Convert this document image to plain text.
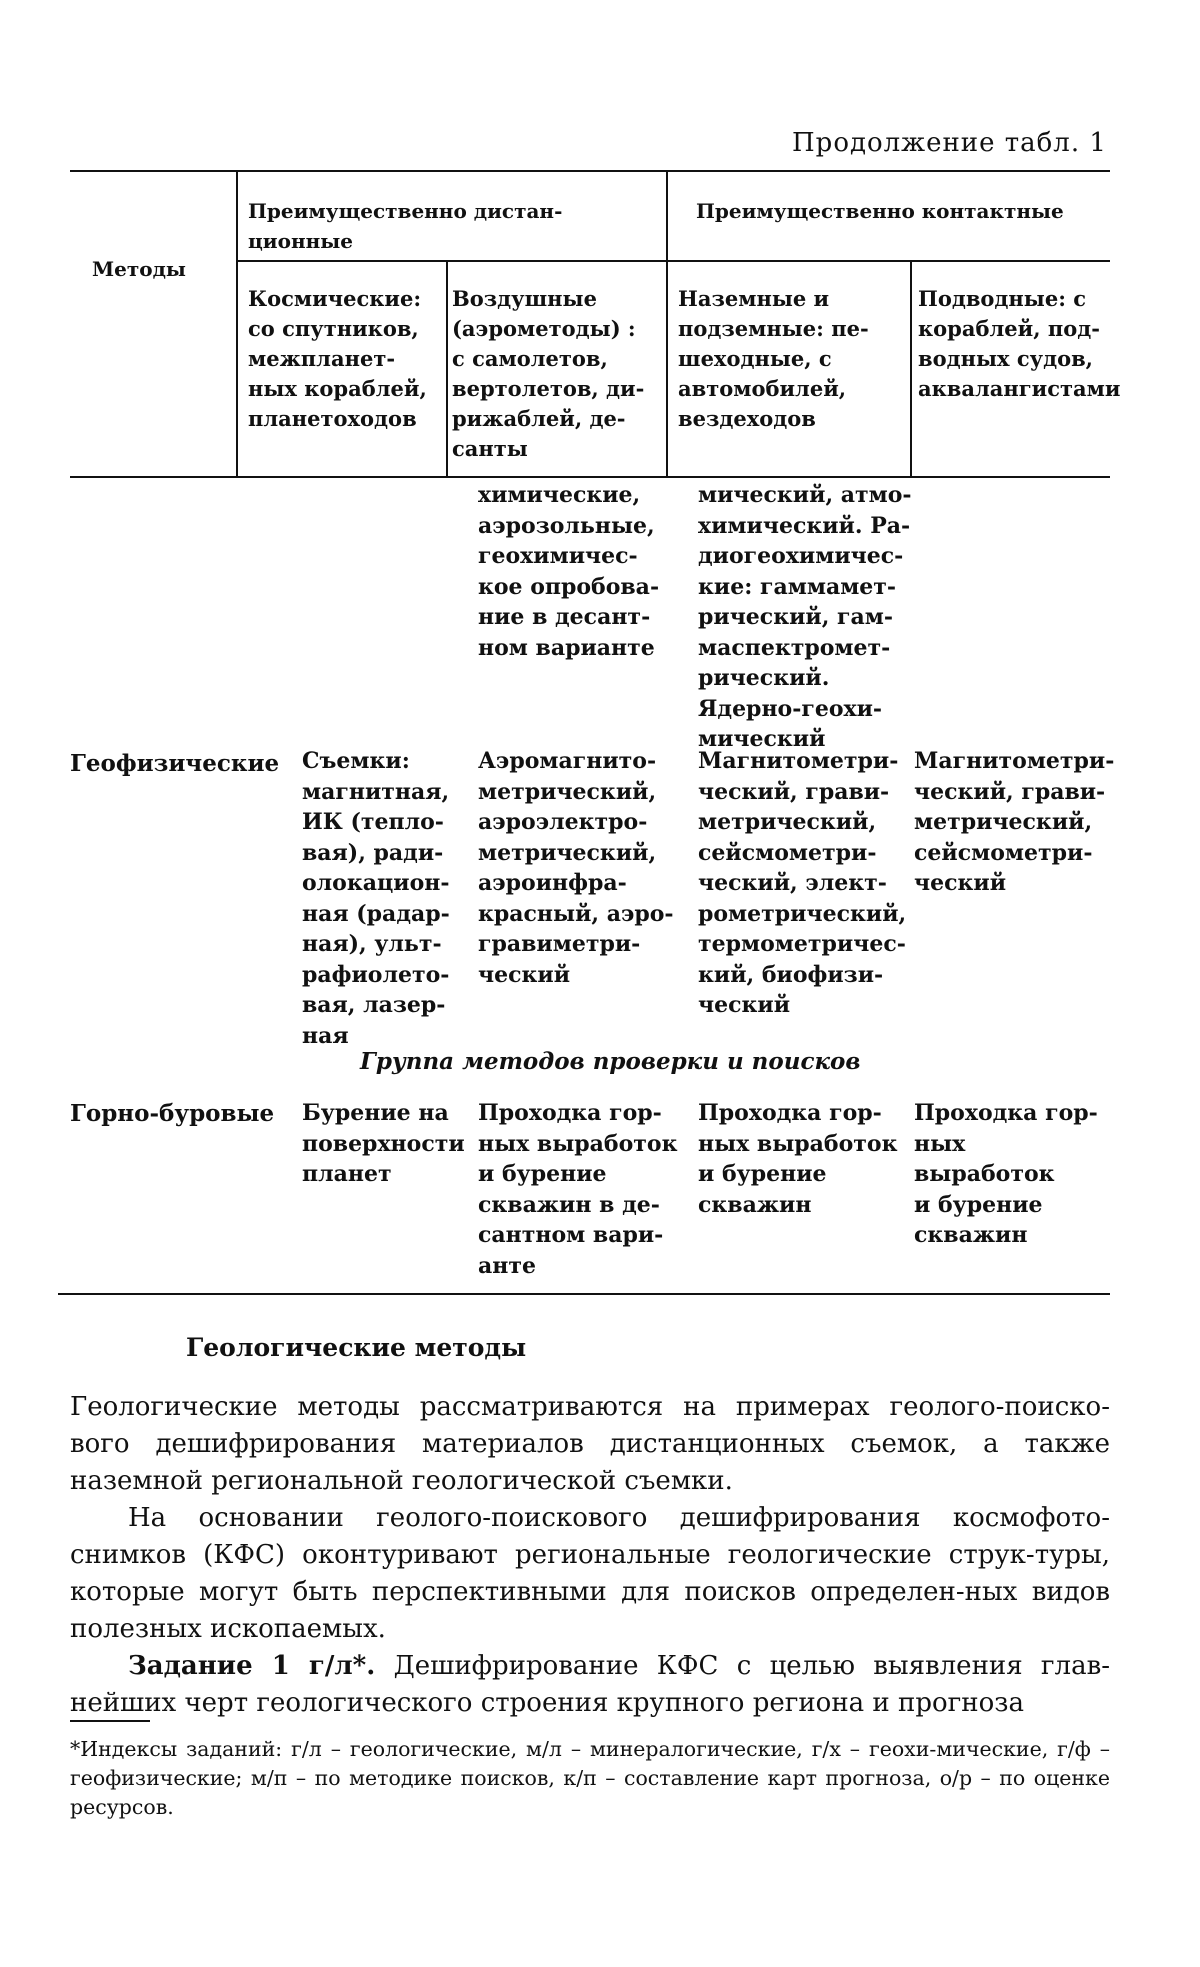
Продолжение табл. 1
Методы
Преимущественно дистан-
ционные
Преимущественно контактные
Космические:
со спутников,
межпланет-
ных кораблей,
планетоходов
Воздушные
(аэрометоды) :
с самолетов,
вертолетов, ди-
рижаблей, де-
санты
Наземные и
подземные: пе-
шеходные, с
автомобилей,
вездеходов
Подводные: с
кораблей, под-
водных судов,
аквалангистами
химические,
aэрозольные,
геохимичес-
кое опробова-
ние в десант-
ном варианте
мический, атмо-
химический. Ра-
диогеохимичес-
кие: гаммамет-
рический, гам-
маспектромет-
рический.
Ядерно-геохи-
мический
Геофизические Съемки:
магнитная,
ИК (тепло-
вая), ради-
олокацион-
ная (радар-
ная), ульт-
рафиолето-
вая, лазер-
ная
Аэромагнито-
метрический,
аэроэлектро-
метрический,
аэроинфра-
красный, аэро-
гравиметри-
ческий
Магнитометри-
ческий, грави-
метрический,
сейсмометри-
ческий, элект-
рометрический,
термометричес-
кий, биофизи-
ческий
Магнитометри-
ческий, грави-
метрический,
сейсмометри-
ческий
Группа методов проверки и поисков
Горно-буровые Бурение на
поверхности
планет
Проходка гор-
ных выработок
и бурение
скважин в де-
сантном вари-
анте
Проходка гор-
ных выработок
и бурение
скважин
Проходка гор-
ных выработок
и бурение
скважин
Геологические методы
Геологические методы рассматриваются на примерах геолого-поиско-вого дешифрирования материалов дистанционных съемок, а также наземной региональной геологической съемки.
На основании геолого-поискового дешифрирования космофото-снимков (КФС) оконтуривают региональные геологические струк-туры, которые могут быть перспективными для поисков определен-ных видов полезных ископаемых.
Задание 1 г/л*. Дешифрирование КФС с целью выявления глав-нейших черт геологического строения крупного региона и прогноза
*Индексы заданий: г/л – геологические, м/л – минералогические, г/х – геохи-мические, г/ф – геофизические; м/п – по методике поисков, к/п – составление карт прогноза, о/р – по оценке ресурсов.
